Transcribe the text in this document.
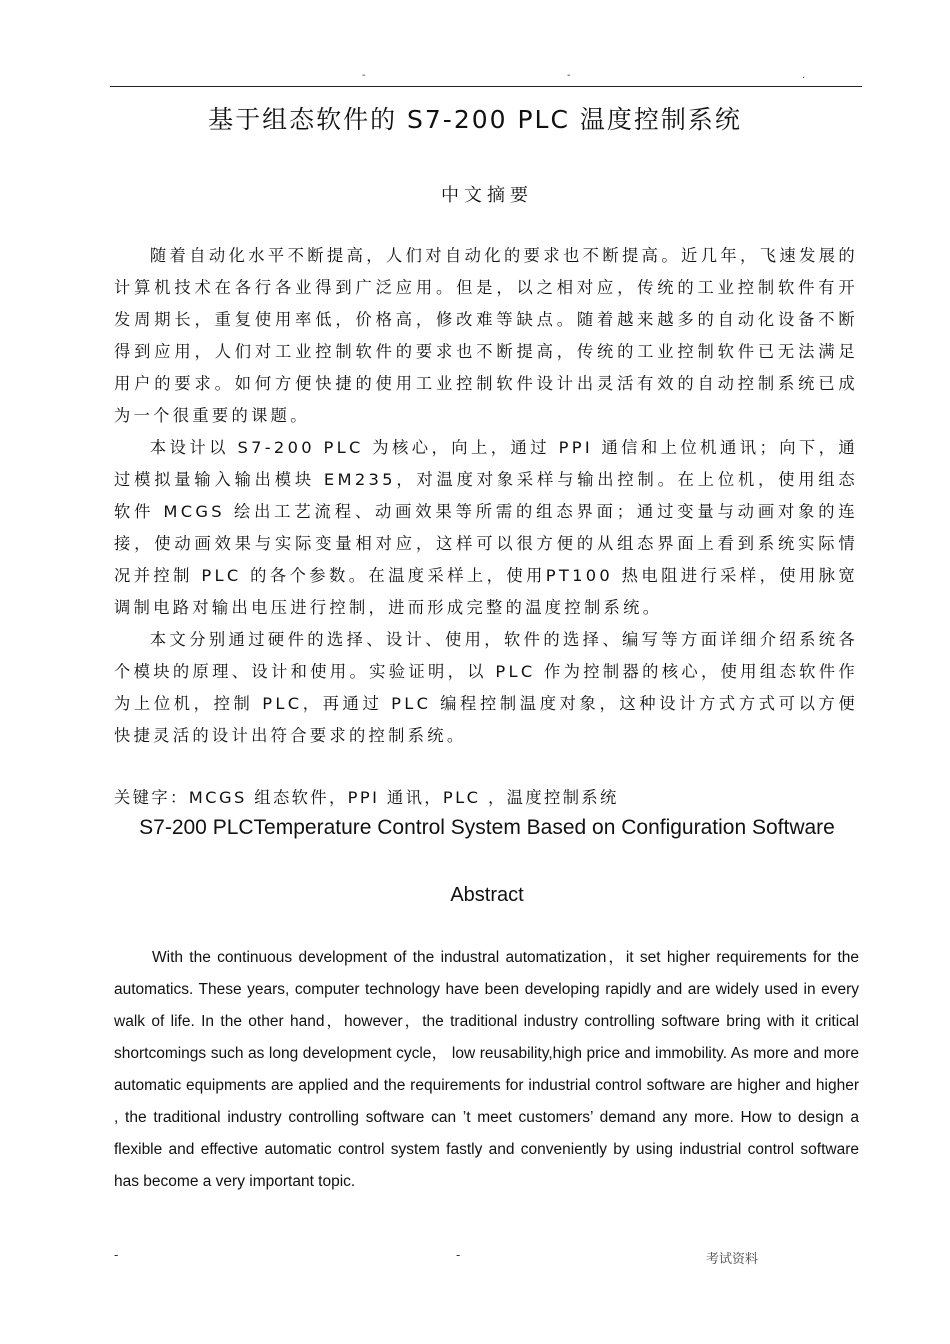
-	-	.
基于组态软件的 S7-200 PLC 温度控制系统
中文摘要

随着自动化水平不断提高，人们对自动化的要求也不断提高。近几年，飞速发展的计算机技术在各行各业得到广泛应用。但是，以之相对应，传统的工业控制软件有开发周期长，重复使用率低，价格高，修改难等缺点。随着越来越多的自动化设备不断得到应用，人们对工业控制软件的要求也不断提高，传统的工业控制软件已无法满足用户的要求。如何方便快捷的使用工业控制软件设计出灵活有效的自动控制系统已成为一个很重要的课题。

本设计以 S7-200 PLC 为核心，向上，通过 PPI 通信和上位机通讯；向下，通过模拟量输入输出模块 EM235，对温度对象采样与输出控制。在上位机，使用组态软件 MCGS 绘出工艺流程、动画效果等所需的组态界面；通过变量与动画对象的连接，使动画效果与实际变量相对应，这样可以很方便的从组态界面上看到系统实际情况并控制 PLC 的各个参数。在温度采样上，使用PT100 热电阻进行采样，使用脉宽调制电路对输出电压进行控制，进而形成完整的温度控制系统。

本文分别通过硬件的选择、设计、使用，软件的选择、编写等方面详细介绍系统各个模块的原理、设计和使用。实验证明，以 PLC 作为控制器的核心，使用组态软件作为上位机，控制 PLC，再通过 PLC 编程控制温度对象，这种设计方式方式可以方便快捷灵活的设计出符合要求的控制系统。

关键字：MCGS 组态软件，PPI 通讯，PLC ，温度控制系统
S7-200 PLCTemperature Control System Based on Configuration Software
Abstract

With the continuous development of the industral automatization，it set higher requirements for the automatics. These years, computer technology have been developing rapidly and are widely used in every walk of life. In the other hand，however，the traditional industry controlling software bring with it critical shortcomings such as long development cycle， low reusability,high price and immobility. As more and more automatic equipments are applied and the requirements for industrial control software are higher and higher , the traditional industry controlling software can ’t meet customers’ demand any more. How to design a flexible and effective automatic control system fastly and conveniently by using industrial control software has become a very important topic.

-	-	考试资料
